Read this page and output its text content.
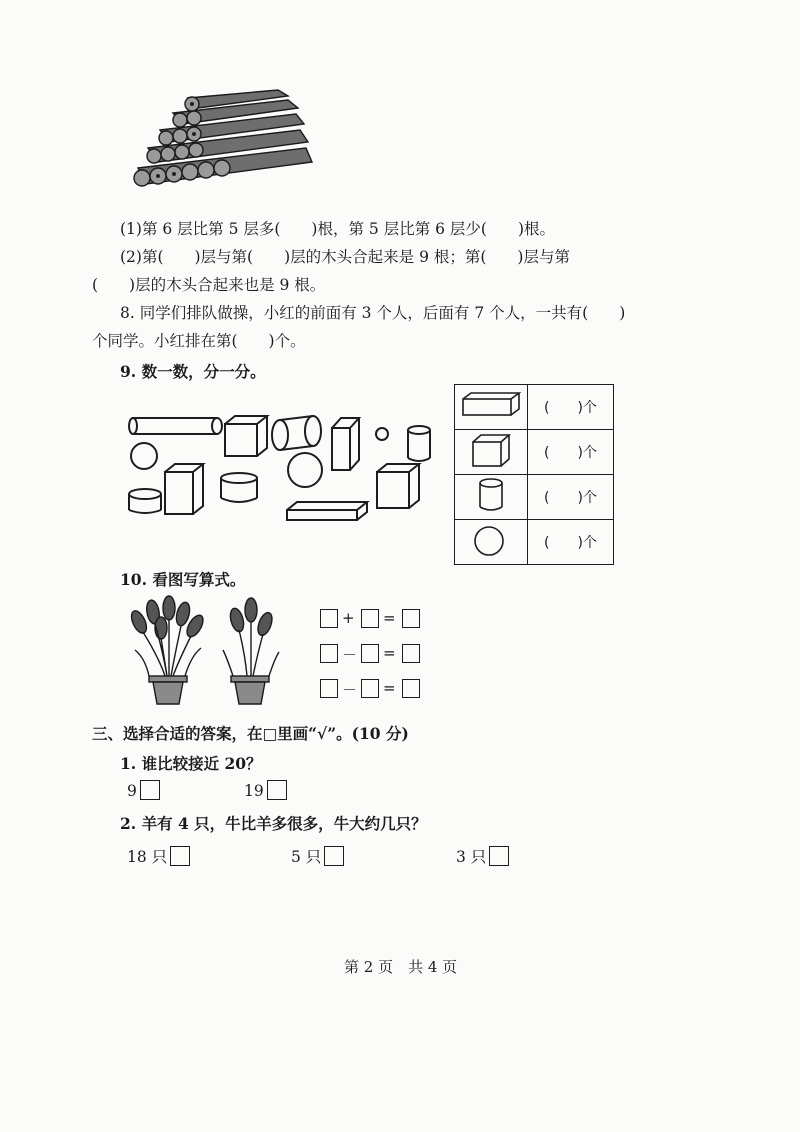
(1)第 6 层比第 5 层多(　　)根，第 5 层比第 6 层少(　　)根。
(2)第(　　)层与第(　　)层的木头合起来是 9 根；第(　　)层与第
(　　)层的木头合起来也是 9 根。
8. 同学们排队做操，小红的前面有 3 个人，后面有 7 个人，一共有(　　)
个同学。小红排在第(　　)个。
9. 数一数，分一分。
	(　　)个
	(　　)个
	(　　)个
	(　　)个
10. 看图写算式。
+ =
－ =
－ =
三、选择合适的答案，在□里画“√”。(10 分)
1. 谁比较接近 20？
9	19
2. 羊有 4 只，牛比羊多很多，牛大约几只？
18 只	5 只	3 只
第 2 页　共 4 页
